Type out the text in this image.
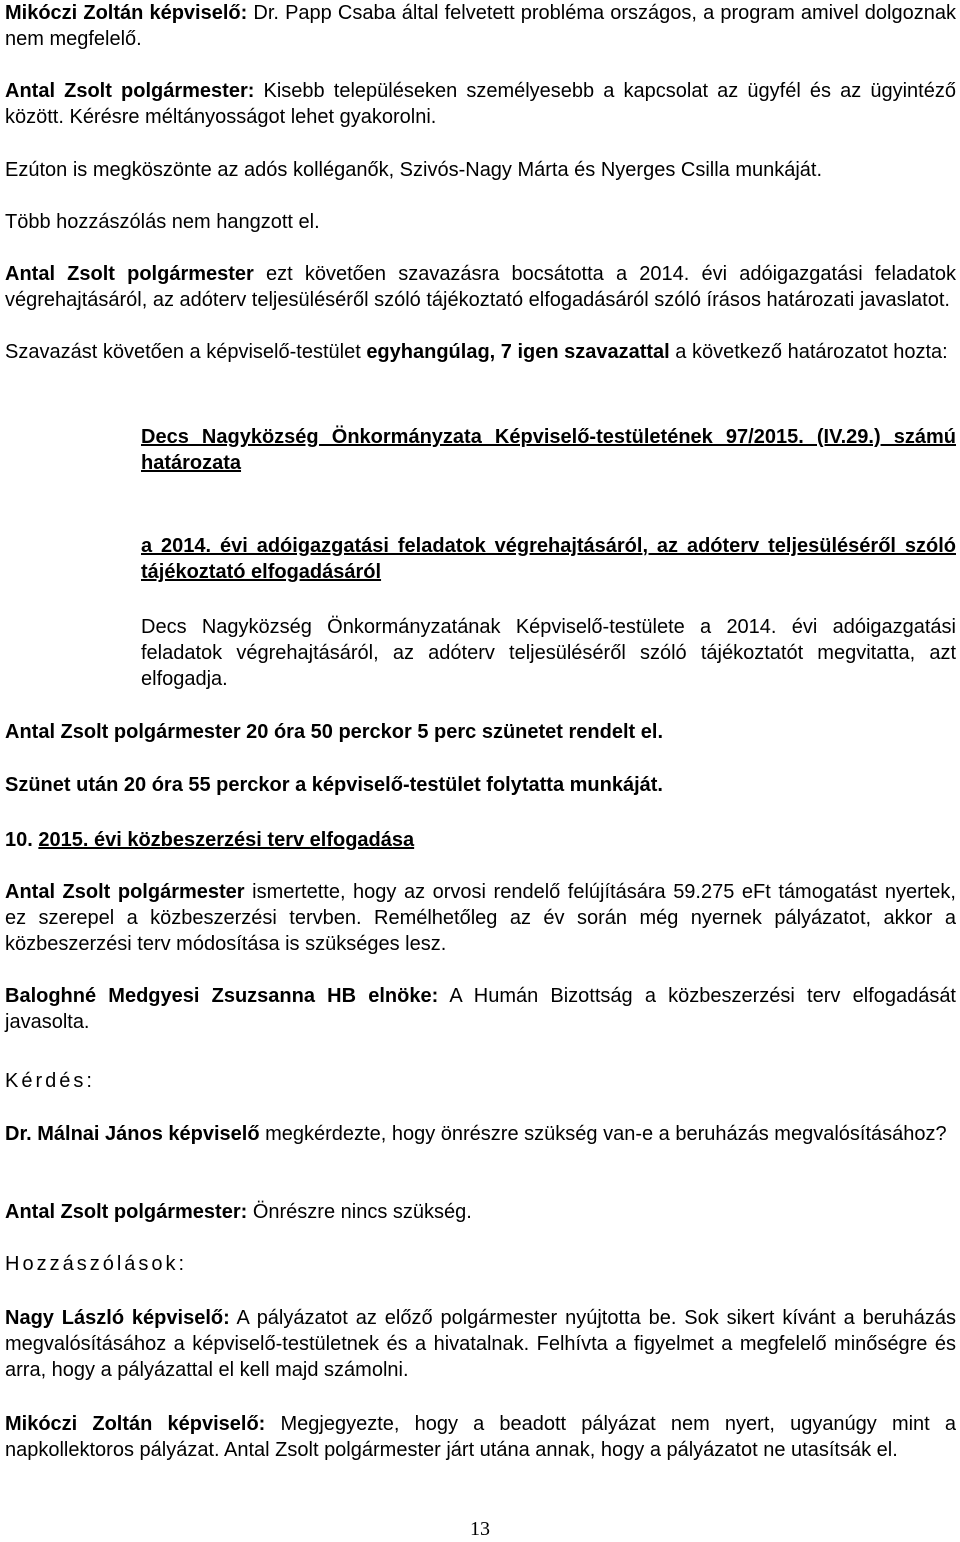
Mikóczi Zoltán képviselő: Dr. Papp Csaba által felvetett probléma országos, a program amivel dolgoznak nem megfelelő.

Antal Zsolt polgármester: Kisebb településeken személyesebb a kapcsolat az ügyfél és az ügyintéző között. Kérésre méltányosságot lehet gyakorolni.

Ezúton is megköszönte az adós kolléganők, Szivós-Nagy Márta és Nyerges Csilla munkáját.

Több hozzászólás nem hangzott el.

Antal Zsolt polgármester ezt követően szavazásra bocsátotta a 2014. évi adóigazgatási feladatok végrehajtásáról, az adóterv teljesüléséről szóló tájékoztató elfogadásáról szóló írásos határozati javaslatot.

Szavazást követően a képviselő-testület egyhangúlag, 7 igen szavazattal a következő határozatot hozta:

Decs Nagyközség Önkormányzata Képviselő-testületének 97/2015. (IV.29.) számú határozata

a 2014. évi adóigazgatási feladatok végrehajtásáról, az adóterv teljesüléséről szóló tájékoztató elfogadásáról

Decs Nagyközség Önkormányzatának Képviselő-testülete a 2014. évi adóigazgatási feladatok végrehajtásáról, az adóterv teljesüléséről szóló tájékoztatót megvitatta, azt elfogadja.

Antal Zsolt polgármester 20 óra 50 perckor 5 perc szünetet rendelt el.

Szünet után 20 óra 55 perckor a képviselő-testület folytatta munkáját.

10. 2015. évi közbeszerzési terv elfogadása

Antal Zsolt polgármester ismertette, hogy az orvosi rendelő felújítására 59.275 eFt támogatást nyertek, ez szerepel a közbeszerzési tervben. Remélhetőleg az év során még nyernek pályázatot, akkor a közbeszerzési terv módosítása is szükséges lesz.

Baloghné Medgyesi Zsuzsanna HB elnöke: A Humán Bizottság a közbeszerzési terv elfogadását javasolta.

Kérdés:

Dr. Málnai János képviselő megkérdezte, hogy önrészre szükség van-e a beruházás megvalósításához?

Antal Zsolt polgármester: Önrészre nincs szükség.

Hozzászólások:

Nagy László képviselő: A pályázatot az előző polgármester nyújtotta be. Sok sikert kívánt a beruházás megvalósításához a képviselő-testületnek és a hivatalnak. Felhívta a figyelmet a megfelelő minőségre és arra, hogy a pályázattal el kell majd számolni.

Mikóczi Zoltán képviselő: Megjegyezte, hogy a beadott pályázat nem nyert, ugyanúgy mint a napkollektoros pályázat. Antal Zsolt polgármester járt utána annak, hogy a pályázatot ne utasítsák el.

13
